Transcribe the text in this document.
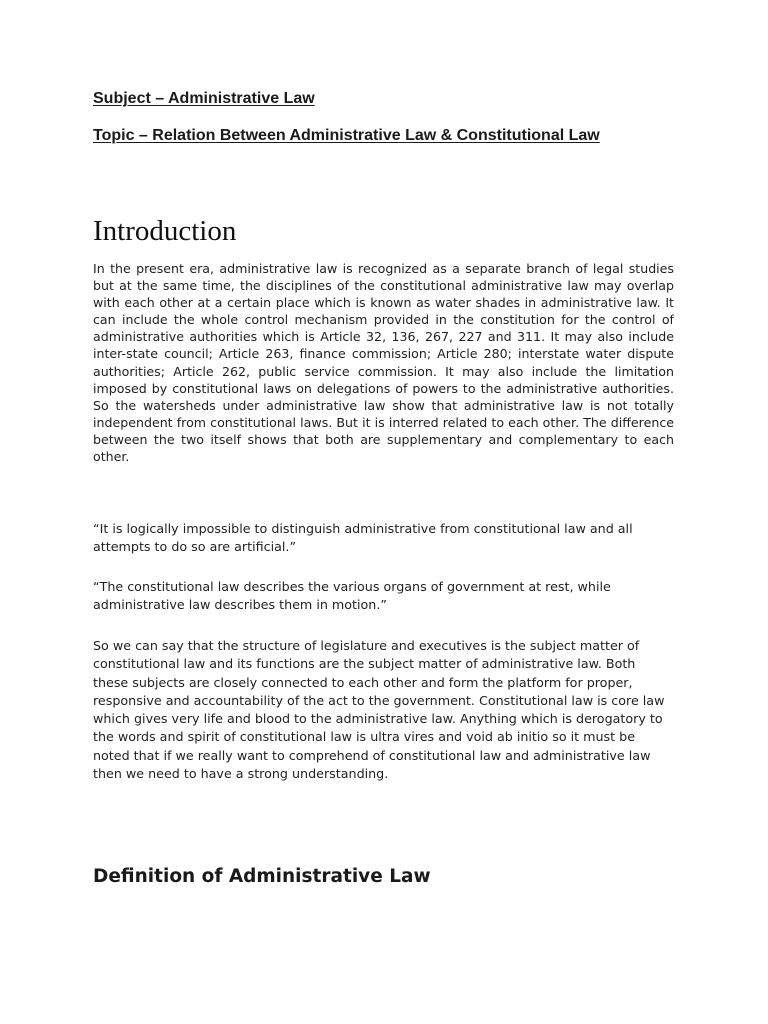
Subject – Administrative Law

Topic – Relation Between Administrative Law & Constitutional Law

Introduction

In the present era, administrative law is recognized as a separate branch of legal studies but at the same time, the disciplines of the constitutional administrative law may overlap with each other at a certain place which is known as water shades in administrative law. It can include the whole control mechanism provided in the constitution for the control of administrative authorities which is Article 32, 136, 267, 227 and 311. It may also include inter-state council; Article 263, finance commission; Article 280; interstate water dispute authorities; Article 262, public service commission. It may also include the limitation imposed by constitutional laws on delegations of powers to the administrative authorities. So the watersheds under administrative law show that administrative law is not totally independent from constitutional laws. But it is interred related to each other. The difference between the two itself shows that both are supplementary and complementary to each other.

“It is logically impossible to distinguish administrative from constitutional law and all attempts to do so are artificial.”

“The constitutional law describes the various organs of government at rest, while administrative law describes them in motion.”

So we can say that the structure of legislature and executives is the subject matter of constitutional law and its functions are the subject matter of administrative law. Both these subjects are closely connected to each other and form the platform for proper, responsive and accountability of the act to the government. Constitutional law is core law which gives very life and blood to the administrative law. Anything which is derogatory to the words and spirit of constitutional law is ultra vires and void ab initio so it must be noted that if we really want to comprehend of constitutional law and administrative law then we need to have a strong understanding.

Definition of Administrative Law
